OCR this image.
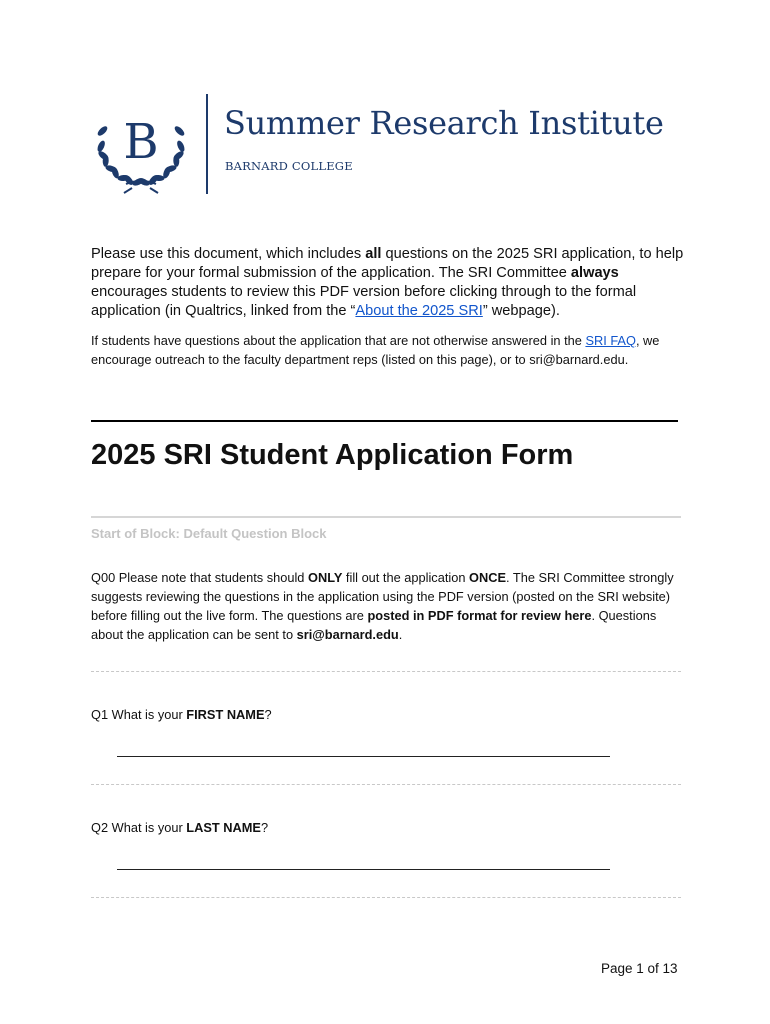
B Summer Research Institute
BARNARD COLLEGE

Please use this document, which includes all questions on the 2025 SRI application, to help prepare for your formal submission of the application. The SRI Committee always encourages students to review this PDF version before clicking through to the formal application (in Qualtrics, linked from the “About the 2025 SRI” webpage).

If students have questions about the application that are not otherwise answered in the SRI FAQ, we encourage outreach to the faculty department reps (listed on this page), or to sri@barnard.edu.

2025 SRI Student Application Form
Start of Block: Default Question Block

Q00 Please note that students should ONLY fill out the application ONCE. The SRI Committee strongly suggests reviewing the questions in the application using the PDF version (posted on the SRI website) before filling out the live form. The questions are posted in PDF format for review here. Questions about the application can be sent to sri@barnard.edu.

Q1 What is your FIRST NAME?

Q2 What is your LAST NAME?

Page 1 of 13
